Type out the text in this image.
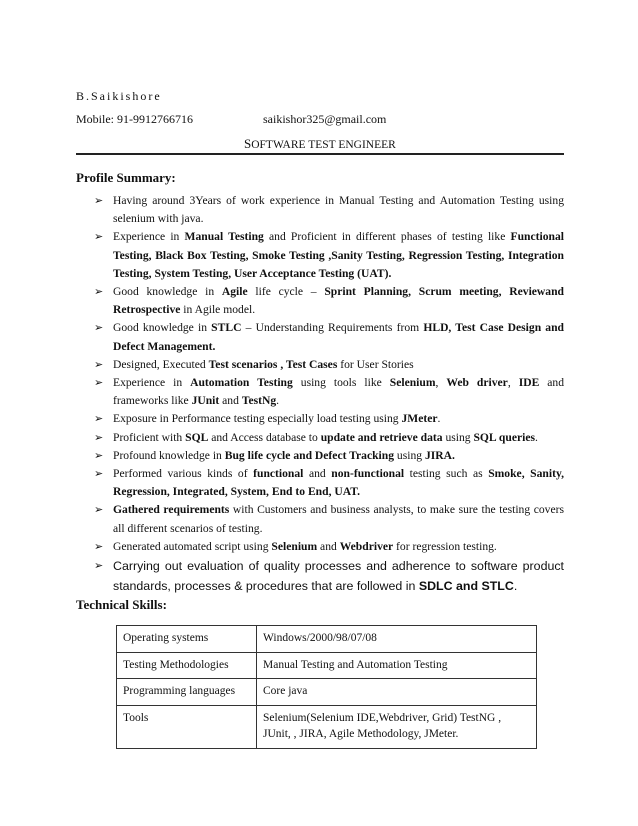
B.Saikishore
Mobile: 91-9912766716	saikishor325@gmail.com
SOFTWARE TEST ENGINEER
Profile Summary:
➢ Having around 3Years of work experience in Manual Testing and Automation Testing using selenium with java.
➢ Experience in Manual Testing and Proficient in different phases of testing like Functional Testing, Black Box Testing, Smoke Testing ,Sanity Testing, Regression Testing, Integration Testing, System Testing, User Acceptance Testing (UAT).
➢ Good knowledge in Agile life cycle – Sprint Planning, Scrum meeting, Reviewand Retrospective in Agile model.
➢ Good knowledge in STLC – Understanding Requirements from HLD, Test Case Design and Defect Management.
➢ Designed, Executed Test scenarios , Test Cases for User Stories
➢ Experience in Automation Testing using tools like Selenium, Web driver, IDE and frameworks like JUnit and TestNg.
➢ Exposure in Performance testing especially load testing using JMeter.
➢ Proficient with SQL and Access database to update and retrieve data using SQL queries.
➢ Profound knowledge in Bug life cycle and Defect Tracking using JIRA.
➢ Performed various kinds of functional and non-functional testing such as Smoke, Sanity, Regression, Integrated, System, End to End, UAT.
➢ Gathered requirements with Customers and business analysts, to make sure the testing covers all different scenarios of testing.
➢ Generated automated script using Selenium and Webdriver for regression testing.
➢ Carrying out evaluation of quality processes and adherence to software product standards, processes & procedures that are followed in SDLC and STLC.
Technical Skills:
Operating systems	Windows/2000/98/07/08
Testing Methodologies	Manual Testing and Automation Testing
Programming languages	Core java
Tools	Selenium(Selenium IDE,Webdriver, Grid) TestNG , JUnit, , JIRA, Agile Methodology, JMeter.
